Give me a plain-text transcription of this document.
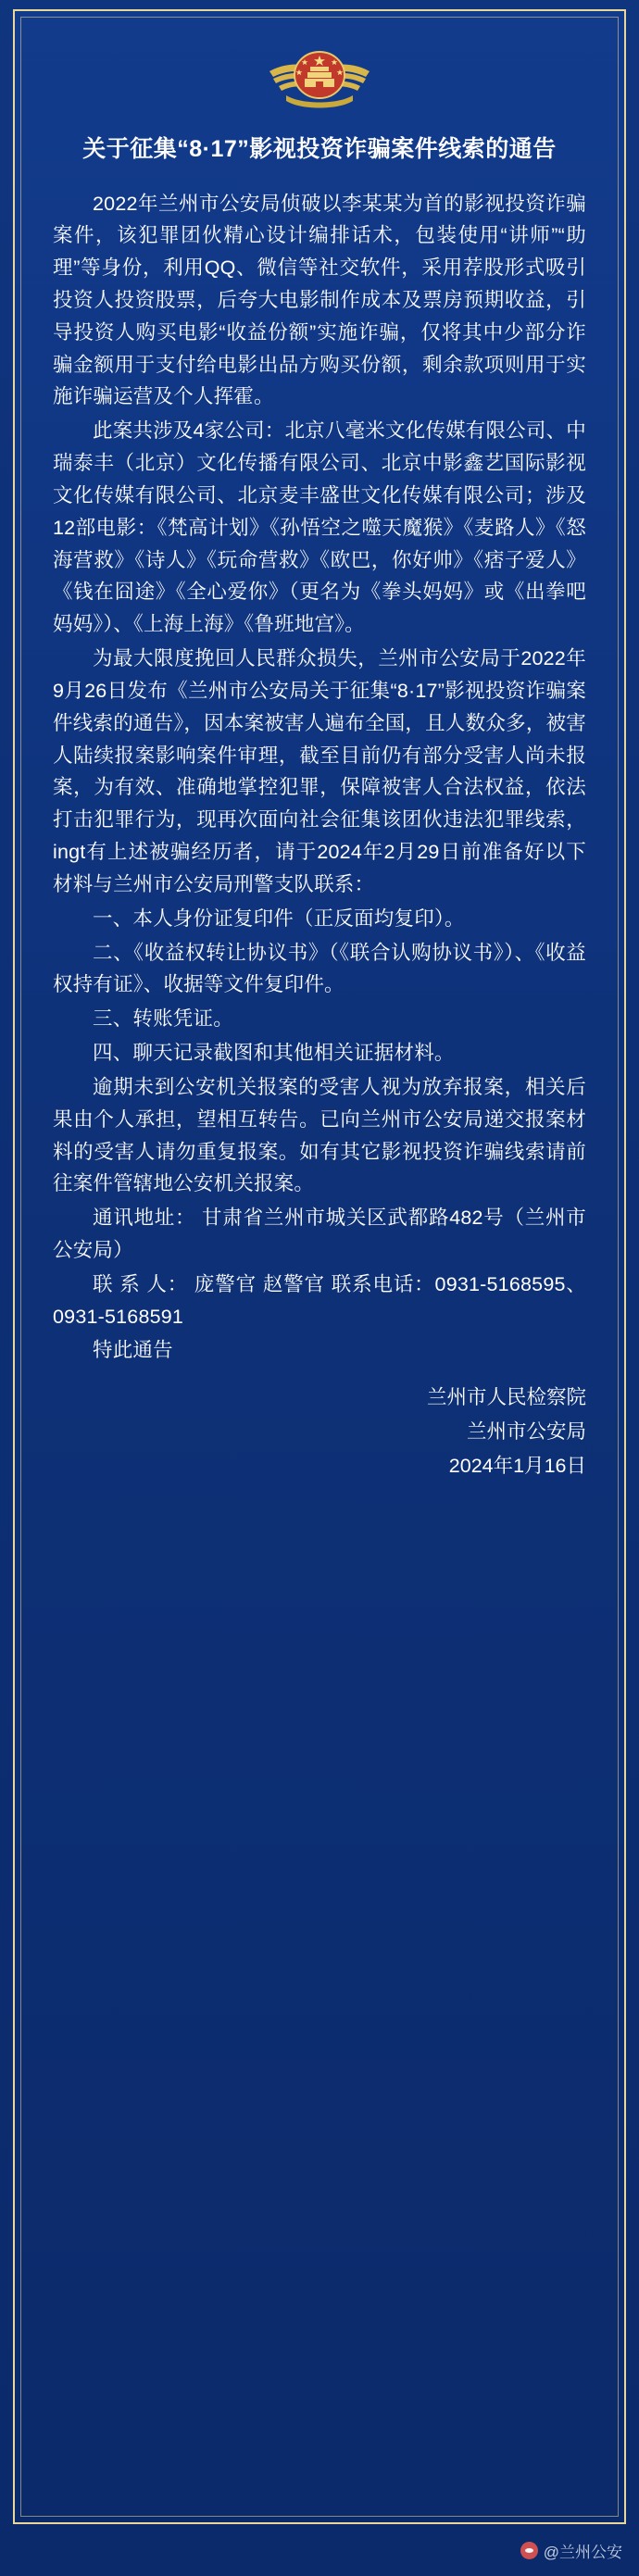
关于征集“8·17”影视投资诈骗案件线索的通告

2022年兰州市公安局侦破以李某某为首的影视投资诈骗案件，该犯罪团伙精心设计编排话术，包装使用“讲师”“助理”等身份，利用QQ、微信等社交软件，采用荐股形式吸引投资人投资股票，后夸大电影制作成本及票房预期收益，引导投资人购买电影“收益份额”实施诈骗，仅将其中少部分诈骗金额用于支付给电影出品方购买份额，剩余款项则用于实施诈骗运营及个人挥霍。

此案共涉及4家公司：北京八毫米文化传媒有限公司、中瑞泰丰（北京）文化传播有限公司、北京中影鑫艺国际影视文化传媒有限公司、北京麦丰盛世文化传媒有限公司；涉及12部电影：《梵高计划》《孙悟空之噬天魔猴》《麦路人》《怒海营救》《诗人》《玩命营救》《欧巴，你好帅》《痞子爱人》《钱在囧途》《全心爱你》（更名为《拳头妈妈》或《出拳吧妈妈》）、《上海上海》《鲁班地宫》。

为最大限度挽回人民群众损失，兰州市公安局于2022年9月26日发布《兰州市公安局关于征集“8·17”影视投资诈骗案件线索的通告》，因本案被害人遍布全国，且人数众多，被害人陆续报案影响案件审理，截至目前仍有部分受害人尚未报案，为有效、准确地掌控犯罪，保障被害人合法权益，依法打击犯罪行为，现再次面向社会征集该团伙违法犯罪线索，ingt有上述被骗经历者，请于2024年2月29日前准备好以下材料与兰州市公安局刑警支队联系：

一、本人身份证复印件（正反面均复印）。

二、《收益权转让协议书》（《联合认购协议书》）、《收益权持有证》、收据等文件复印件。

三、转账凭证。

四、聊天记录截图和其他相关证据材料。

逾期未到公安机关报案的受害人视为放弃报案，相关后果由个人承担，望相互转告。已向兰州市公安局递交报案材料的受害人请勿重复报案。如有其它影视投资诈骗线索请前往案件管辖地公安机关报案。

通讯地址： 甘肃省兰州市城关区武都路482号（兰州市公安局）

联 系 人： 庞警官 赵警官 联系电话：0931-5168595、0931-5168591

特此通告

兰州市人民检察院
兰州市公安局
2024年1月16日
@兰州公安
